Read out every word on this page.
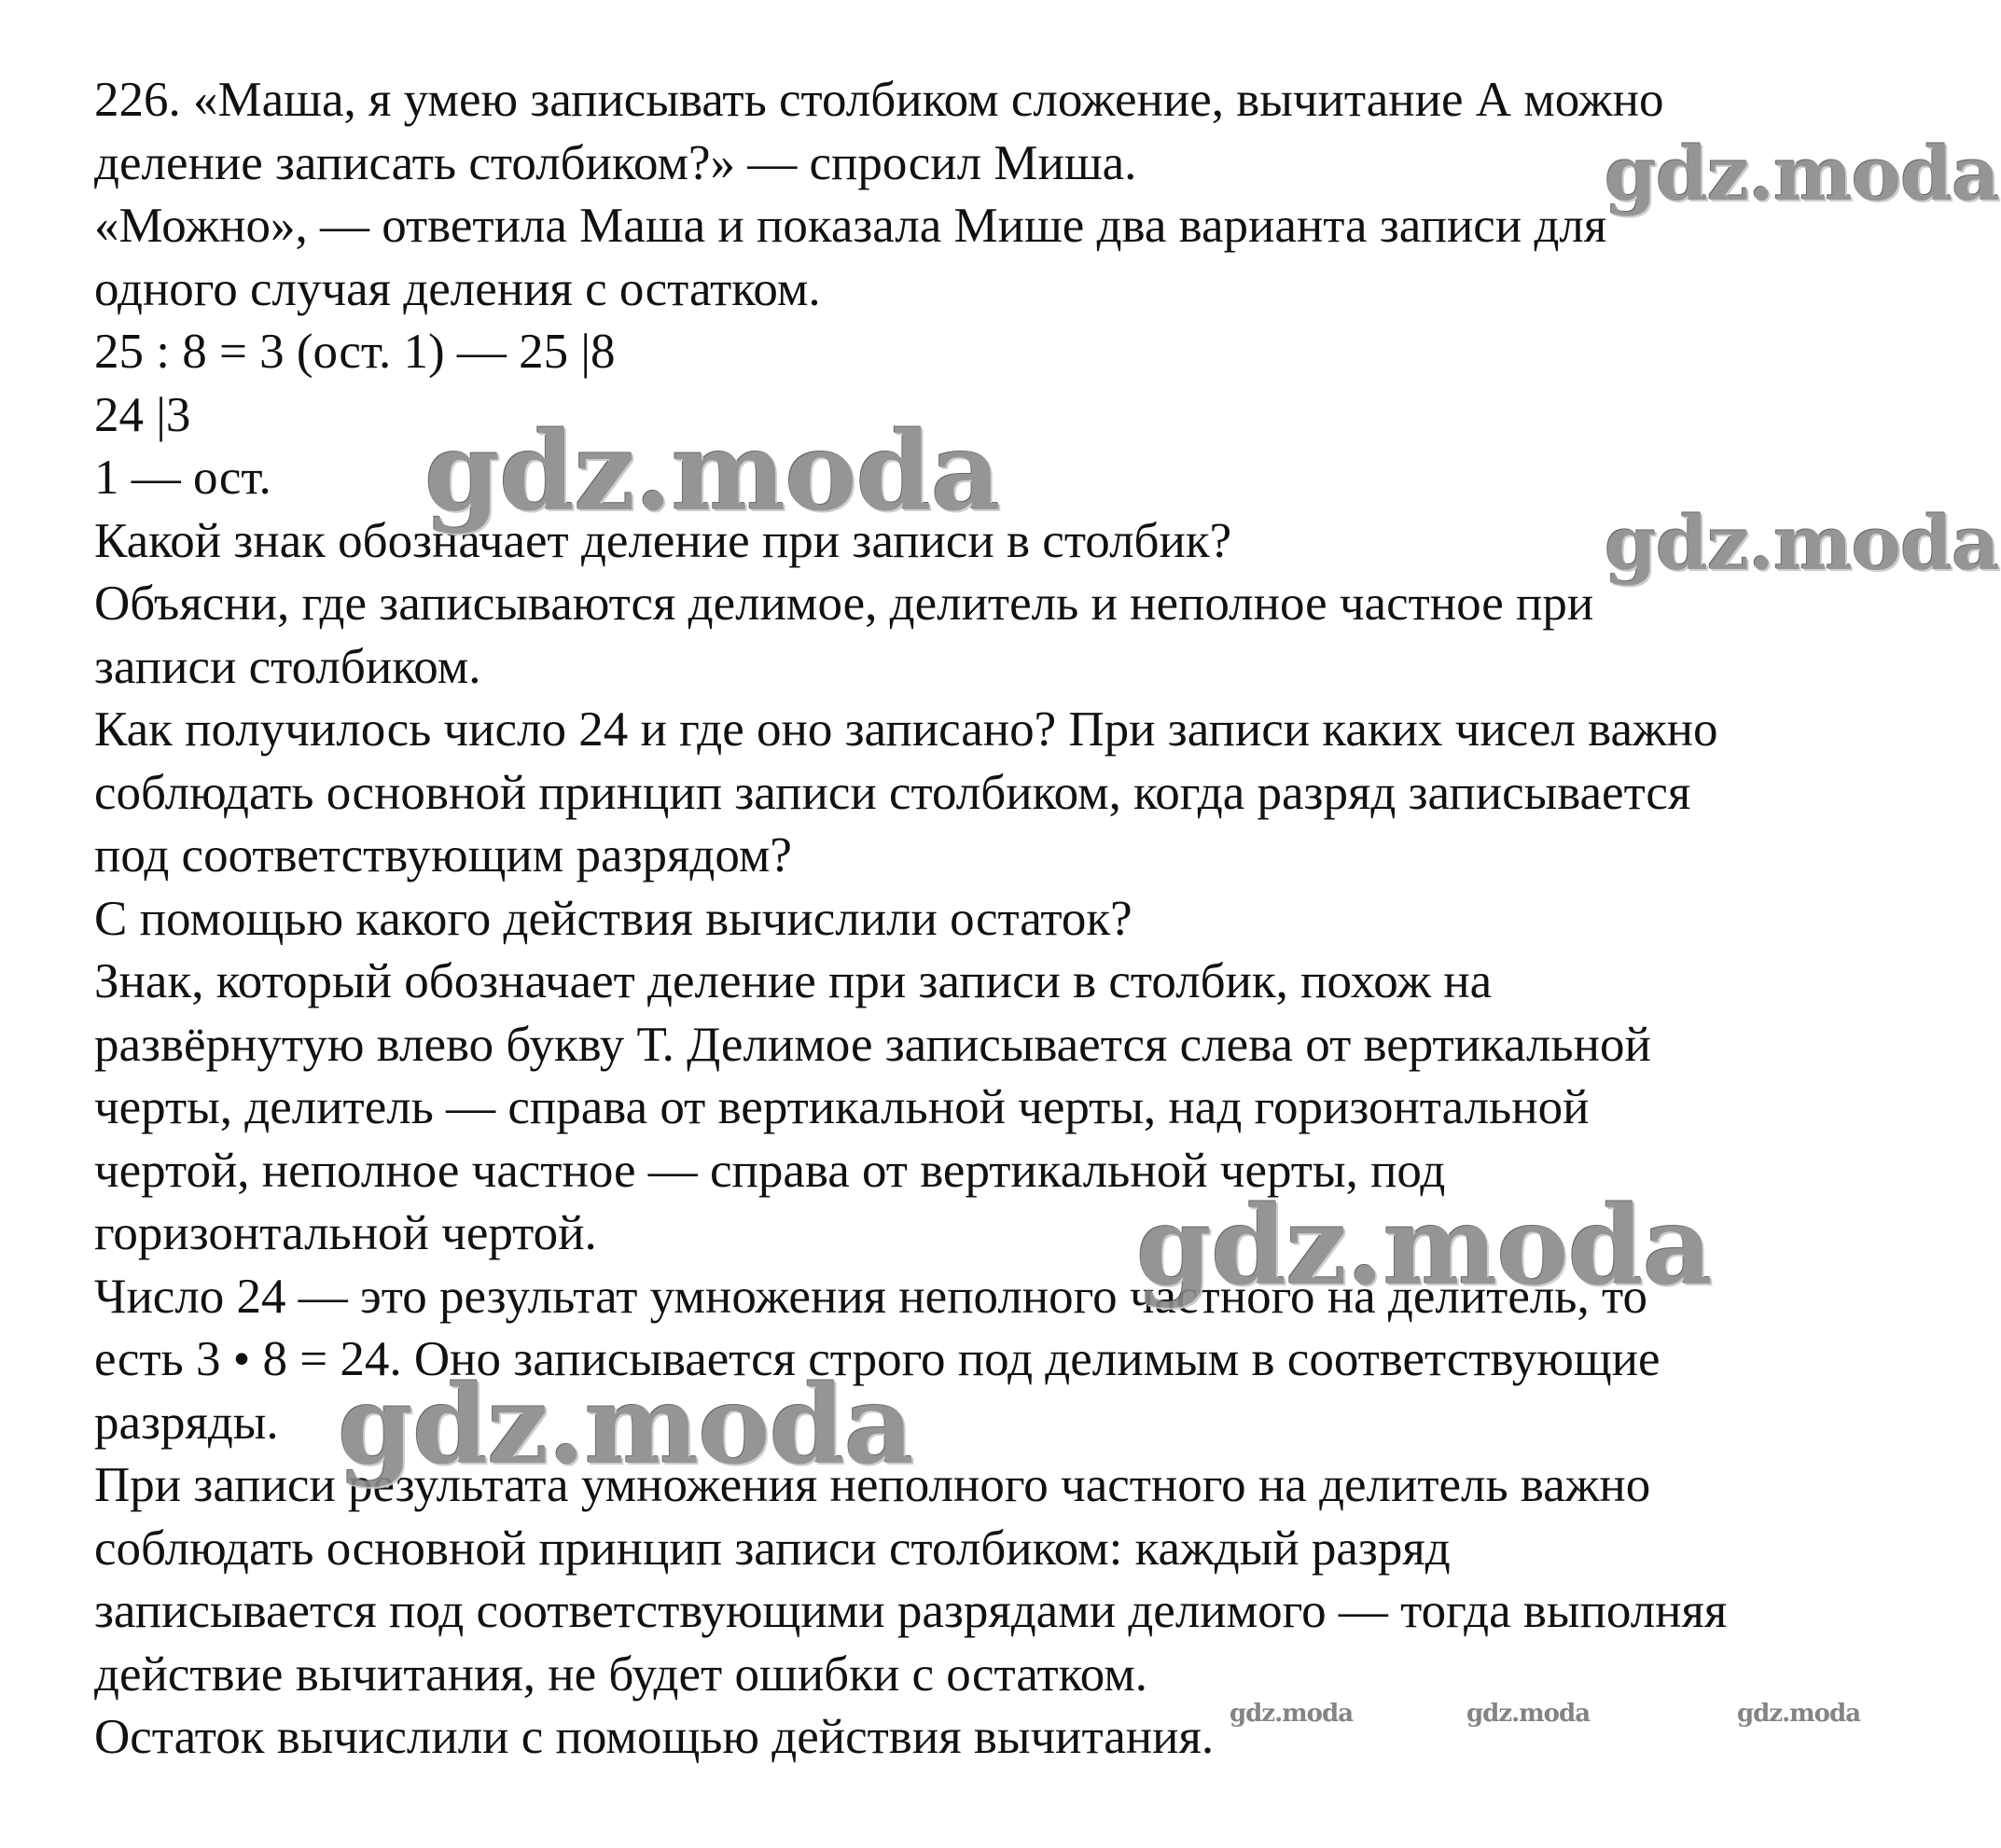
226. «Маша, я умею записывать столбиком сложение, вычитание А можно
деление записать столбиком?» — спросил Миша.
«Можно», — ответила Маша и показала Мише два варианта записи для
одного случая деления с остатком.
25 : 8 = 3 (ост. 1) — 25 |8
24 |3
1 — ост.
Какой знак обозначает деление при записи в столбик?
Объясни, где записываются делимое, делитель и неполное частное при
записи столбиком.
Как получилось число 24 и где оно записано? При записи каких чисел важно
соблюдать основной принцип записи столбиком, когда разряд записывается
под соответствующим разрядом?
С помощью какого действия вычислили остаток?
Знак, который обозначает деление при записи в столбик, похож на
развёрнутую влево букву Т. Делимое записывается слева от вертикальной
черты, делитель — справа от вертикальной черты, над горизонтальной
чертой, неполное частное — справа от вертикальной черты, под
горизонтальной чертой.
Число 24 — это результат умножения неполного частного на делитель, то
есть 3 • 8 = 24. Оно записывается строго под делимым в соответствующие
разряды.
При записи результата умножения неполного частного на делитель важно
соблюдать основной принцип записи столбиком: каждый разряд
записывается под соответствующими разрядами делимого — тогда выполняя
действие вычитания, не будет ошибки с остатком.
Остаток вычислили с помощью действия вычитания.
gdz.moda
gdz.moda
gdz.moda
gdz.moda
gdz.moda
gdz.moda	gdz.moda	gdz.moda
